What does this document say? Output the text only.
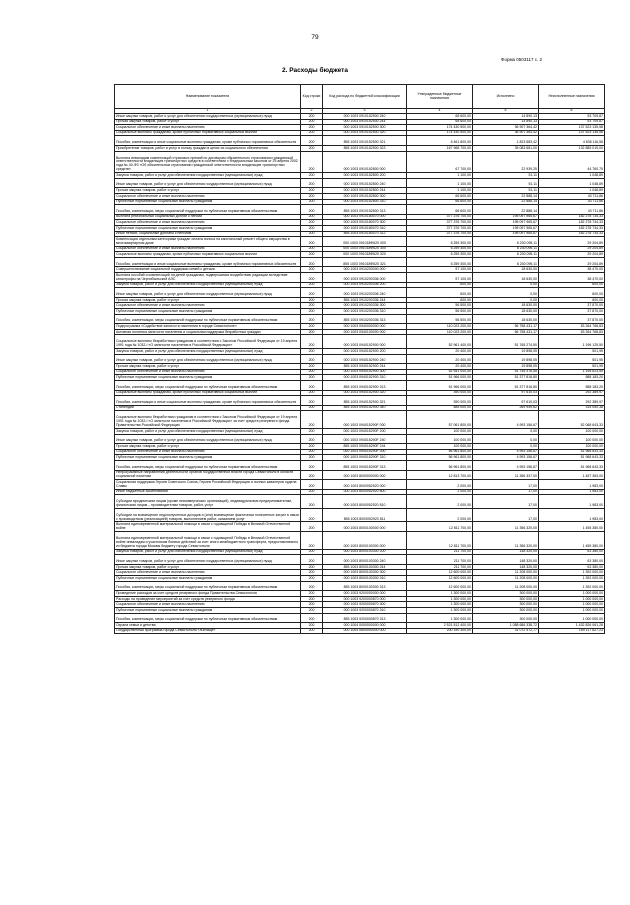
79
Форма 0503117 с. 2
2. Расходы бюджета
Наименование показателя	Код строки	Код расхода по бюджетной классификации	Утвержденные бюджетные назначения	Исполнено	Неисполненные назначения
1	2	3	4	5	6
Иные закупки товаров, работ и услуг для обеспечения государственных (муниципальных) нужд	200	000 1003 0910152500 240	68 600,00	14 890,13	53 709,87
Прочая закупка товаров, работ и услуг	200	000 1003 0910152500 244	68 600,00	14 890,13	53 709,87
Социальное обеспечение и иные выплаты населению	200	000 1003 0910152500 300	174 430 500,00	36 907 364,42	137 523 135,58
Социальные выплаты гражданам, кроме публичных нормативных социальных выплат	200	000 1003 0910152500 320	174 430 500,00	36 907 364,42	137 523 135,58
Пособия, компенсации и иные социальные выплаты гражданам, кроме публичных нормативных обязательств	200	855 1003 0910152500 321	6 461 800,00	1 823 683,42	4 638 116,58
Приобретение товаров, работ и услуг в пользу граждан в целях их социального обеспечения	200	855 1003 0910152500 323	167 968 700,00	35 083 681,00	132 885 019,00
Выплата инвалидам компенсаций страховых премий по договорам обязательного страхования гражданской ответственности владельцев транспортных средств в соответствии с Федеральным законом от 25 апреля 2002 года № 40-ФЗ «Об обязательном страховании гражданской ответственности владельцев транспортных средств»	200	000 1003 0910152800 000	67 700,00	22 939,25	44 760,75
Закупка товаров, работ и услуг для обеспечения государственных (муниципальных) нужд	200	000 1003 0910152800 200	1 100,00	51,11	1 048,89
Иные закупки товаров, работ и услуг для обеспечения государственных (муниципальных) нужд	200	000 1003 0910152800 240	1 100,00	51,11	1 048,89
Прочая закупка товаров, работ и услуг	200	000 1003 0910152800 244	1 100,00	51,11	1 048,89
Социальное обеспечение и иные выплаты населению	200	000 1003 0910152800 300	66 600,00	22 888,14	43 711,86
Публичные нормативные социальные выплаты гражданам	200	000 1003 0910152800 310	66 600,00	22 888,14	43 711,86
Пособия, компенсации, меры социальной поддержки по публичным нормативным обязательствам	200	855 1003 0910152800 313	66 600,00	22 888,14	43 711,86
Выплата региональных социальных доплат к пенсии	200	000 1003 0910180070 000	377 376 700,00	195 097 965,67	182 278 734,33
Социальное обеспечение и иные выплаты населению	200	000 1003 0910180070 300	377 376 700,00	195 097 965,67	182 278 734,33
Публичные нормативные социальные выплаты гражданам	200	000 1003 0910180070 310	377 376 700,00	195 097 965,67	182 278 734,33
Иные пенсии, социальные доплаты к пенсиям	200	855 1003 0910180070 312	377 376 700,00	195 097 965,67	182 278 734,33
Компенсация отдельным категориям граждан оплаты взноса на капитальный ремонт общего имущества в многоквартирном доме	200	000 1003 091018Ф620 000	6 259 300,00	6 230 095,11	29 204,89
Социальное обеспечение и иные выплаты населению	200	000 1003 091018Ф620 300	6 259 300,00	6 230 095,11	29 204,89
Социальные выплаты гражданам, кроме публичных нормативных социальных выплат	200	000 1003 091018Ф620 320	6 259 300,00	6 230 095,11	29 204,89
Пособия, компенсации и иные социальные выплаты гражданам, кроме публичных нормативных обязательств	200	855 1003 091018Ф620 321	6 259 300,00	6 230 095,11	29 204,89
Совершенствование социальной поддержки семей с детьми	200	000 1003 0910200000 000	57 100,00	18 630,00	38 470,00
Выплата пособий и компенсаций на детей гражданам, подвергшимся воздействию радиации вследствие катастрофы на Чернобыльской АЭС	200	000 1003 0910200336 000	57 100,00	18 630,00	38 470,00
Закупка товаров, работ и услуг для обеспечения государственных (муниципальных) нужд	200	000 1003 0910200336 200	600,00	0,00	600,00
Иные закупки товаров, работ и услуг для обеспечения государственных (муниципальных) нужд	200	000 1003 0910200336 240	600,00	0,00	600,00
Прочая закупка товаров, работ и услуг	200	855 1003 0910200336 244	600,00	0,00	600,00
Социальное обеспечение и иные выплаты населению	200	000 1003 0910200336 300	56 500,00	18 630,00	37 870,00
Публичные нормативные социальные выплаты гражданам	200	000 1003 0910200336 310	56 500,00	18 630,00	37 870,00
Пособия, компенсации, меры социальной поддержки по публичным нормативным обязательствам	200	855 1003 0910200336 313	56 500,00	18 630,00	37 870,00
Подпрограмма «Содействие занятости населения в городе Севастополе»	200	000 1003 0940000000 000	110 023 200,00	56 758 431,17	53 264 768,83
Активная политика занятости населения и социальная поддержка безработных граждан	200	000 1003 0940100000 000	110 023 200,00	56 758 431,17	53 264 768,83
Социальные выплаты безработным гражданам в соответствии с Законом Российской Федерации от 19 апреля 1991 года № 1032-I «О занятости населения в Российской Федерации»	200	000 1003 0940152900 000	52 961 400,00	51 765 274,50	1 196 125,50
Закупка товаров, работ и услуг для обеспечения государственных (муниципальных) нужд	200	000 1003 0940152900 200	20 400,00	19 898,05	501,95
Иные закупки товаров, работ и услуг для обеспечения государственных (муниципальных) нужд	200	000 1003 0940152900 240	20 400,00	19 898,05	501,95
Прочая закупка товаров, работ и услуг	200	855 1003 0940152900 244	20 400,00	19 898,05	501,95
Социальное обеспечение и иные выплаты населению	200	000 1003 0940152900 300	52 941 000,00	51 745 376,45	1 195 623,55
Публичные нормативные социальные выплаты гражданам	200	000 1003 0940152900 310	51 966 000,00	51 377 816,80	588 183,20
Пособия, компенсации, меры социальной поддержки по публичным нормативным обязательствам	200	855 1003 0940152900 313	51 966 000,00	51 377 816,80	588 183,20
Социальные выплаты гражданам, кроме публичных нормативных социальных выплат	200	000 1003 0940152900 320	390 000,00	97 610,03	292 389,97
Пособия, компенсации и иные социальные выплаты гражданам, кроме публичных нормативных обязательств	200	855 1003 0940152900 321	390 000,00	97 610,03	292 389,97
Стипендии	200	855 1003 0940152900 340	585 000,00	269 949,62	315 050,38
Социальные выплаты безработным гражданам в соответствии с Законом Российской Федерации от 19 апреля 1991 года № 1032-I «О занятости населения в Российской Федерации» за счет средств резервного фонда Правительства Российской Федерации	200	000 1003 094015290F 000	57 061 800,00	4 993 156,67	52 068 643,33
Закупка товаров, работ и услуг для обеспечения государственных (муниципальных) нужд	200	000 1003 094015290F 200	100 000,00	0,00	100 000,00
Иные закупки товаров, работ и услуг для обеспечения государственных (муниципальных) нужд	200	000 1003 094015290F 240	100 000,00	0,00	100 000,00
Прочая закупка товаров, работ и услуг	200	855 1003 094015290F 244	100 000,00	0,00	100 000,00
Социальное обеспечение и иные выплаты населению	200	000 1003 094015290F 300	56 961 800,00	4 993 156,67	51 968 643,33
Публичные нормативные социальные выплаты гражданам	200	000 1003 094015290F 310	56 961 800,00	4 993 156,67	51 968 643,33
Пособия, компенсации, меры социальной поддержки по публичным нормативным обязательствам	200	855 1003 094015290F 313	56 961 800,00	4 993 156,67	51 968 643,33
Непрограммные направления деятельности органов государственной власти города Севастополя в области социальной политики	200	000 1003 8000000000 000	12 813 700,00	11 356 337,00	1 457 363,00
Социальная поддержка Героев Советского Союза, Героев Российской Федерации и полных кавалеров ордена Славы	200	000 1003 8000052520 000	2 000,00	17,00	1 983,00
Иные бюджетные ассигнования	200	000 1003 8000052520 800	2 000,00	17,00	1 983,00
Субсидии юридическим лицам (кроме некоммерческих организаций), индивидуальным предпринимателям, физическим лицам – производителям товаров, работ, услуг	200	000 1003 8000052520 810	2 000,00	17,00	1 983,00
Субсидии на возмещение недополученных доходов и (или) возмещение фактически понесенных затрат в связи с производством (реализацией) товаров, выполнением работ, оказанием услуг	200	855 1003 8000052520 811	2 000,00	17,00	1 983,00
Выплата единовременной материальной помощи в связи с годовщиной Победы в Великой Отечественной войне	200	000 1003 8000100000 000	12 811 700,00	11 356 320,00	1 455 380,00
Выплата единовременной материальной помощи в связи с годовщиной Победы в Великой Отечественной войне инвалидам и участникам боевых действий за счет иного межбюджетного трансферта, предоставляемого из бюджета города Москвы бюджету города Севастополя	200	000 1003 8000100300 000	12 811 700,00	11 356 320,00	1 455 380,00
Закупка товаров, работ и услуг для обеспечения государственных (муниципальных) нужд	200	000 1003 8000100300 200	211 700,00	148 320,00	63 380,00
Иные закупки товаров, работ и услуг для обеспечения государственных (муниципальных) нужд	200	000 1003 8000100300 240	211 700,00	148 320,00	63 380,00
Прочая закупка товаров, работ и услуг	200	855 1003 8000100300 244	211 700,00	148 320,00	63 380,00
Социальное обеспечение и иные выплаты населению	200	000 1003 8000100300 300	12 600 000,00	11 208 000,00	1 392 000,00
Публичные нормативные социальные выплаты гражданам	200	000 1003 8000100300 310	12 600 000,00	11 208 000,00	1 392 000,00
Пособия, компенсации, меры социальной поддержки по публичным нормативным обязательствам	200	855 1003 8000100300 313	12 600 000,00	11 208 000,00	1 392 000,00
Проведение расходов за счет средств резервного фонда Правительства Севастополя	200	000 1003 9200000000 000	1 300 000,00	300 000,00	1 000 000,00
Расходы на проведение мероприятий за счет средств резервного фонда	200	000 1003 9200000870 000	1 300 000,00	300 000,00	1 000 000,00
Социальное обеспечение и иные выплаты населению	200	000 1003 9200000870 300	1 300 000,00	300 000,00	1 000 000,00
Публичные нормативные социальные выплаты гражданам	200	000 1003 9200000870 310	1 300 000,00	300 000,00	1 000 000,00
Пособия, компенсации, меры социальной поддержки по публичным нормативным обязательствам	200	855 1003 9200000870 313	1 300 000,00	300 000,00	1 000 000,00
Охрана семьи и детства	200	000 1004 0000000000 000	2 521 512 400,00	1 088 686 338,72	1 432 826 061,28
Государственная программа города Севастополя «Жилище»	200	000 1004 0600000000 000	200 190 300,00	31 072 472,77	169 117 827,23
